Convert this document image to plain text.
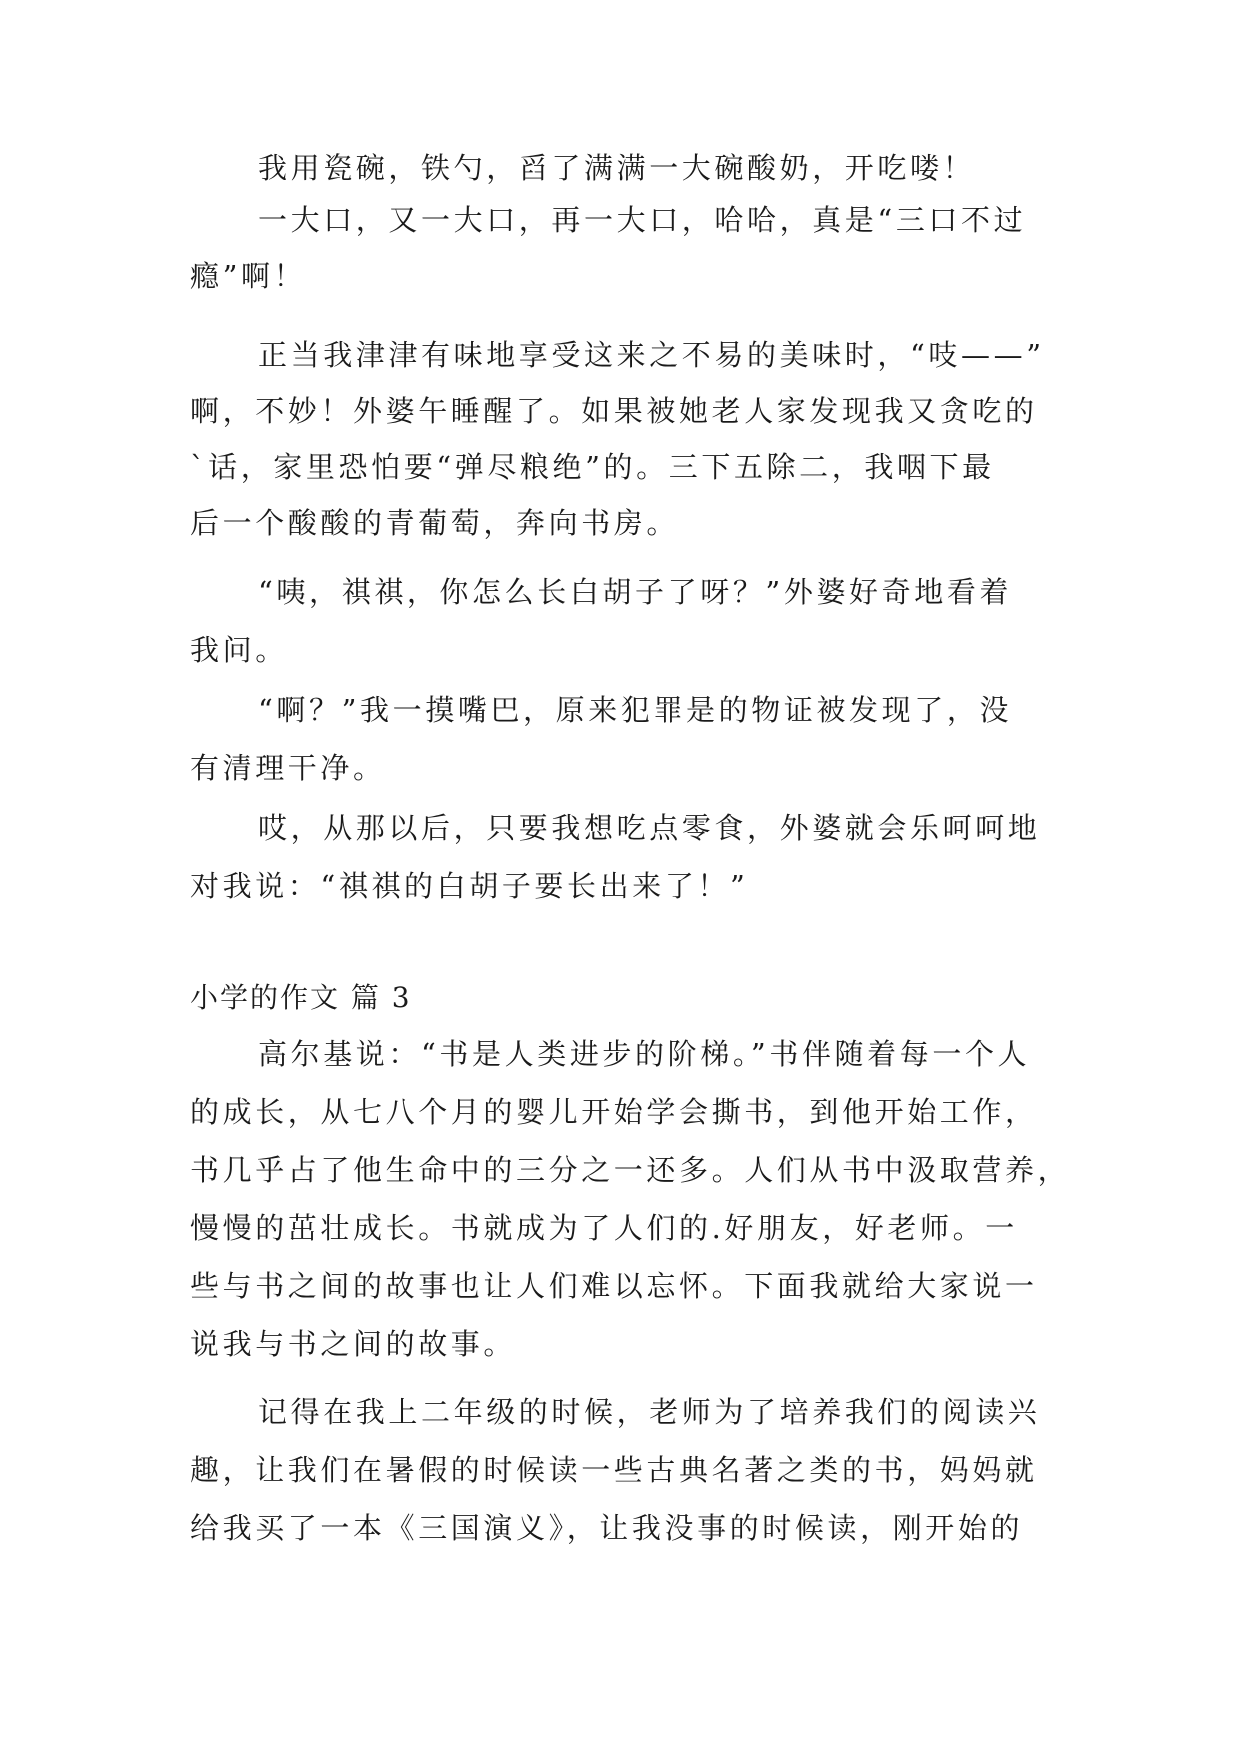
我用瓷碗，铁勺，舀了满满一大碗酸奶，开吃喽！
一大口，又一大口，再一大口，哈哈，真是“三口不过
瘾”啊！
正当我津津有味地享受这来之不易的美味时，“吱——”
啊，不妙！外婆午睡醒了。如果被她老人家发现我又贪吃的
`话，家里恐怕要“弹尽粮绝”的。三下五除二，我咽下最
后一个酸酸的青葡萄，奔向书房。
“咦，祺祺，你怎么长白胡子了呀？”外婆好奇地看着
我问。
“啊？”我一摸嘴巴，原来犯罪是的物证被发现了，没
有清理干净。
哎，从那以后，只要我想吃点零食，外婆就会乐呵呵地
对我说：“祺祺的白胡子要长出来了！”
小学的作文 篇 3
高尔基说：“书是人类进步的阶梯。”书伴随着每一个人
的成长，从七八个月的婴儿开始学会撕书，到他开始工作，
书几乎占了他生命中的三分之一还多。人们从书中汲取营养，
慢慢的茁壮成长。书就成为了人们的.好朋友，好老师。一
些与书之间的故事也让人们难以忘怀。下面我就给大家说一
说我与书之间的故事。
记得在我上二年级的时候，老师为了培养我们的阅读兴
趣，让我们在暑假的时候读一些古典名著之类的书，妈妈就
给我买了一本《三国演义》，让我没事的时候读，刚开始的
